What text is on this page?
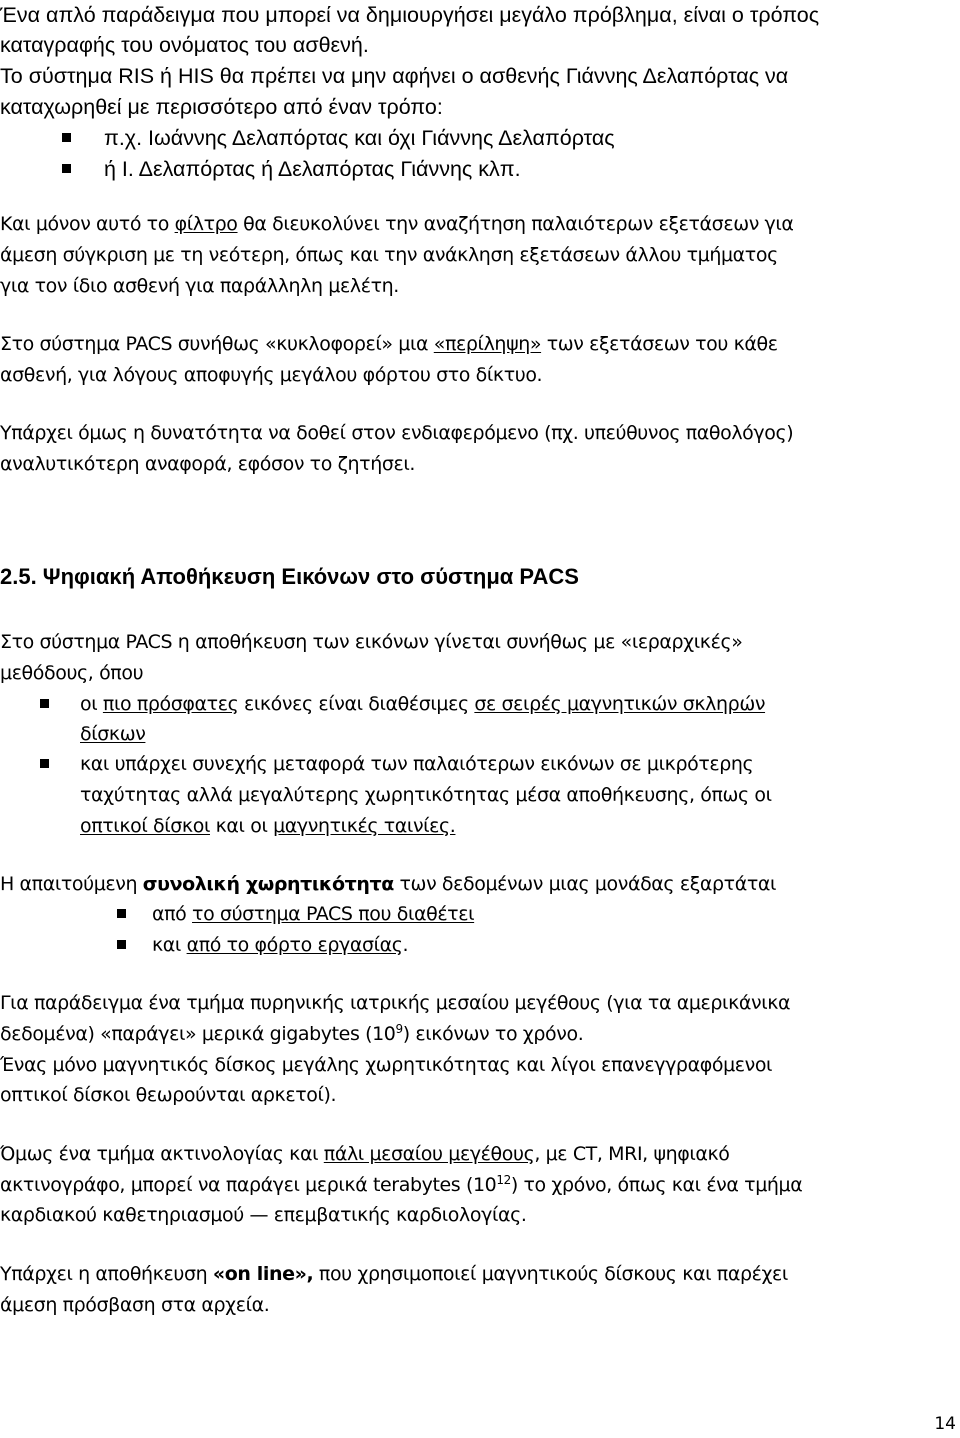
Ένα απλό παράδειγμα που μπορεί να δημιουργήσει μεγάλο πρόβλημα, είναι ο τρόπος

καταγραφής του ονόματος του ασθενή.

Το σύστημα RIS ή HIS θα πρέπει να μην αφήνει ο ασθενής Γιάννης Δελαπόρτας να

καταχωρηθεί με περισσότερο από έναν τρόπο:

π.χ. Ιωάννης Δελαπόρτας και όχι Γιάννης Δελαπόρτας

ή Ι. Δελαπόρτας ή Δελαπόρτας Γιάννης κλπ.

Και μόνον αυτό το φίλτρο θα διευκολύνει την αναζήτηση παλαιότερων εξετάσεων για

άμεση σύγκριση με τη νεότερη, όπως και την ανάκληση εξετάσεων άλλου τμήματος

για τον ίδιο ασθενή για παράλληλη μελέτη.

Στο σύστημα PACS συνήθως «κυκλοφορεί» μια «περίληψη» των εξετάσεων του κάθε

ασθενή, για λόγους αποφυγής μεγάλου φόρτου στο δίκτυο.

Υπάρχει όμως η δυνατότητα να δοθεί στον ενδιαφερόμενο (πχ. υπεύθυνος παθολόγος)

αναλυτικότερη αναφορά, εφόσον το ζητήσει.

2.5. Ψηφιακή Αποθήκευση Εικόνων στο σύστημα PACS

Στο σύστημα PACS η αποθήκευση των εικόνων γίνεται συνήθως με «ιεραρχικές»

μεθόδους, όπου

οι πιο πρόσφατες εικόνες είναι διαθέσιμες σε σειρές μαγνητικών σκληρών

δίσκων

και υπάρχει συνεχής μεταφορά των παλαιότερων εικόνων σε μικρότερης

ταχύτητας αλλά μεγαλύτερης χωρητικότητας μέσα αποθήκευσης, όπως οι

οπτικοί δίσκοι και οι μαγνητικές ταινίες.

Η απαιτούμενη συνολική χωρητικότητα των δεδομένων μιας μονάδας εξαρτάται

από το σύστημα PACS που διαθέτει

και από το φόρτο εργασίας.

Για παράδειγμα ένα τμήμα πυρηνικής ιατρικής μεσαίου μεγέθους (για τα αμερικάνικα

δεδομένα) «παράγει» μερικά gigabytes $(10^9)$ εικόνων το χρόνο.

Ένας μόνο μαγνητικός δίσκος μεγάλης χωρητικότητας και λίγοι επανεγγραφόμενοι

οπτικοί δίσκοι θεωρούνται αρκετοί).

Όμως ένα τμήμα ακτινολογίας και πάλι μεσαίου μεγέθους, με CT, MRI, ψηφιακό

ακτινογράφο, μπορεί να παράγει μερικά terabytes $(10^{12})$ το χρόνο, όπως και ένα τμήμα

καρδιακού καθετηριασμού — επεμβατικής καρδιολογίας.

Υπάρχει η αποθήκευση «on line», που χρησιμοποιεί μαγνητικούς δίσκους και παρέχει

άμεση πρόσβαση στα αρχεία.

14
